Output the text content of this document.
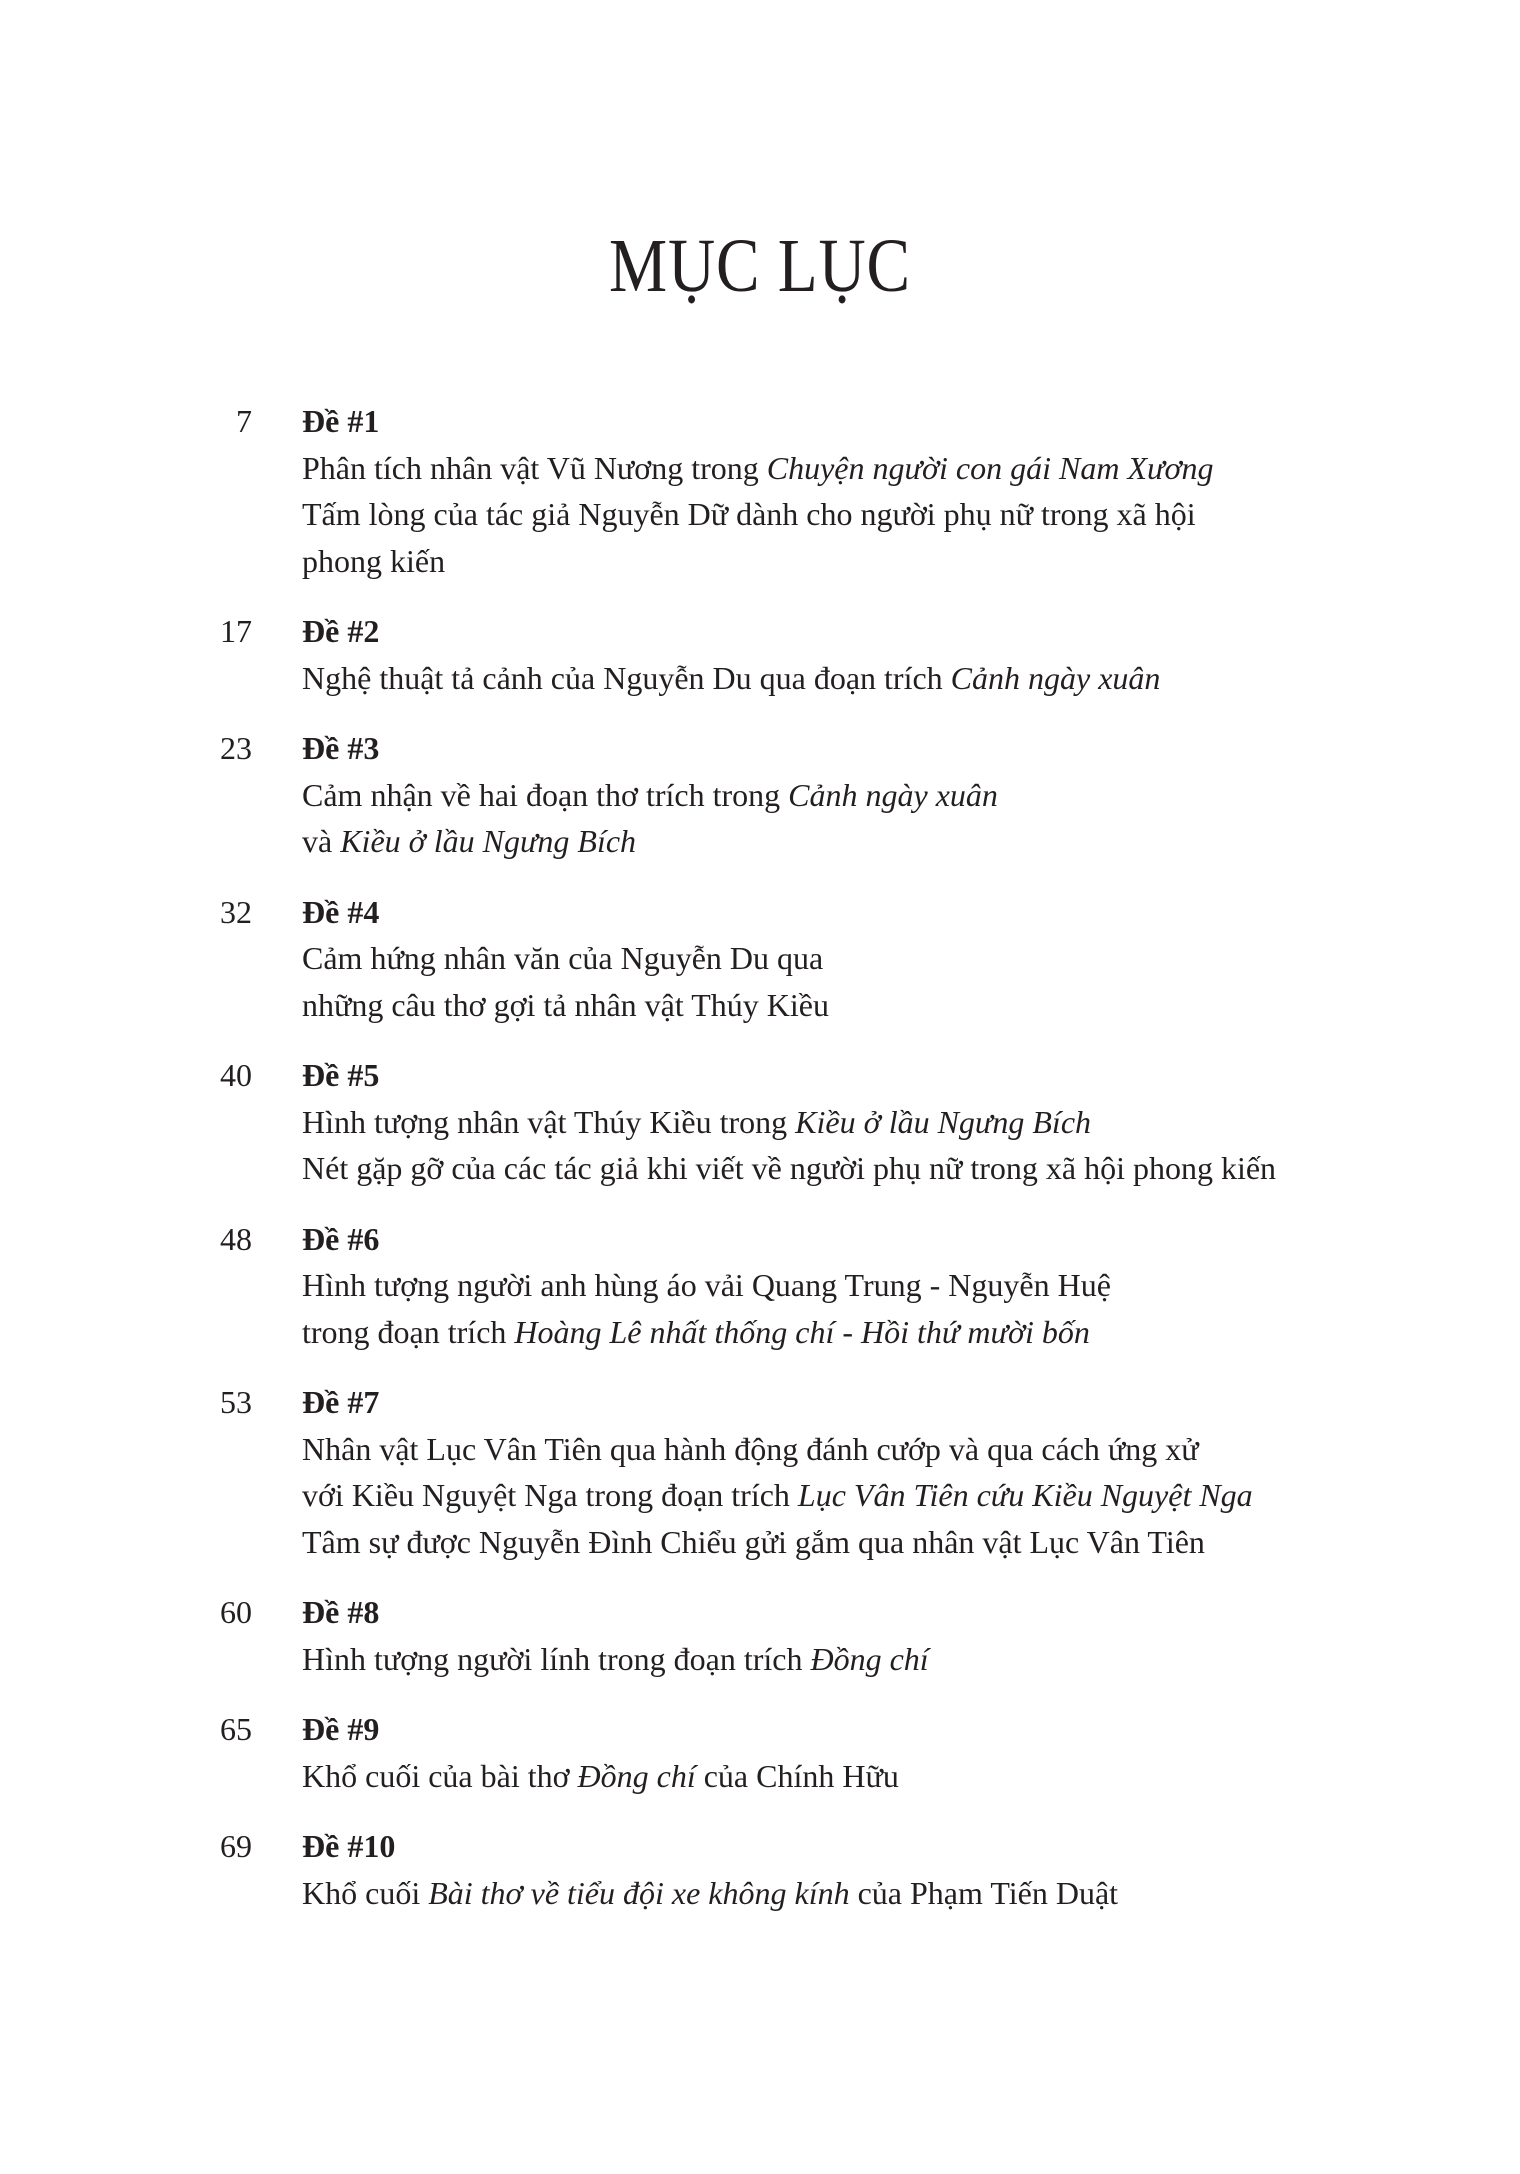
MỤC LỤC
7 Đề #1
Phân tích nhân vật Vũ Nương trong Chuyện người con gái Nam Xương
Tấm lòng của tác giả Nguyễn Dữ dành cho người phụ nữ trong xã hội
phong kiến
17 Đề #2
Nghệ thuật tả cảnh của Nguyễn Du qua đoạn trích Cảnh ngày xuân
23 Đề #3
Cảm nhận về hai đoạn thơ trích trong Cảnh ngày xuân
và Kiều ở lầu Ngưng Bích
32 Đề #4
Cảm hứng nhân văn của Nguyễn Du qua
những câu thơ gợi tả nhân vật Thúy Kiều
40 Đề #5
Hình tượng nhân vật Thúy Kiều trong Kiều ở lầu Ngưng Bích
Nét gặp gỡ của các tác giả khi viết về người phụ nữ trong xã hội phong kiến
48 Đề #6
Hình tượng người anh hùng áo vải Quang Trung - Nguyễn Huệ
trong đoạn trích Hoàng Lê nhất thống chí - Hồi thứ mười bốn
53 Đề #7
Nhân vật Lục Vân Tiên qua hành động đánh cướp và qua cách ứng xử
với Kiều Nguyệt Nga trong đoạn trích Lục Vân Tiên cứu Kiều Nguyệt Nga
Tâm sự được Nguyễn Đình Chiểu gửi gắm qua nhân vật Lục Vân Tiên
60 Đề #8
Hình tượng người lính trong đoạn trích Đồng chí
65 Đề #9
Khổ cuối của bài thơ Đồng chí của Chính Hữu
69 Đề #10
Khổ cuối Bài thơ về tiểu đội xe không kính của Phạm Tiến Duật
